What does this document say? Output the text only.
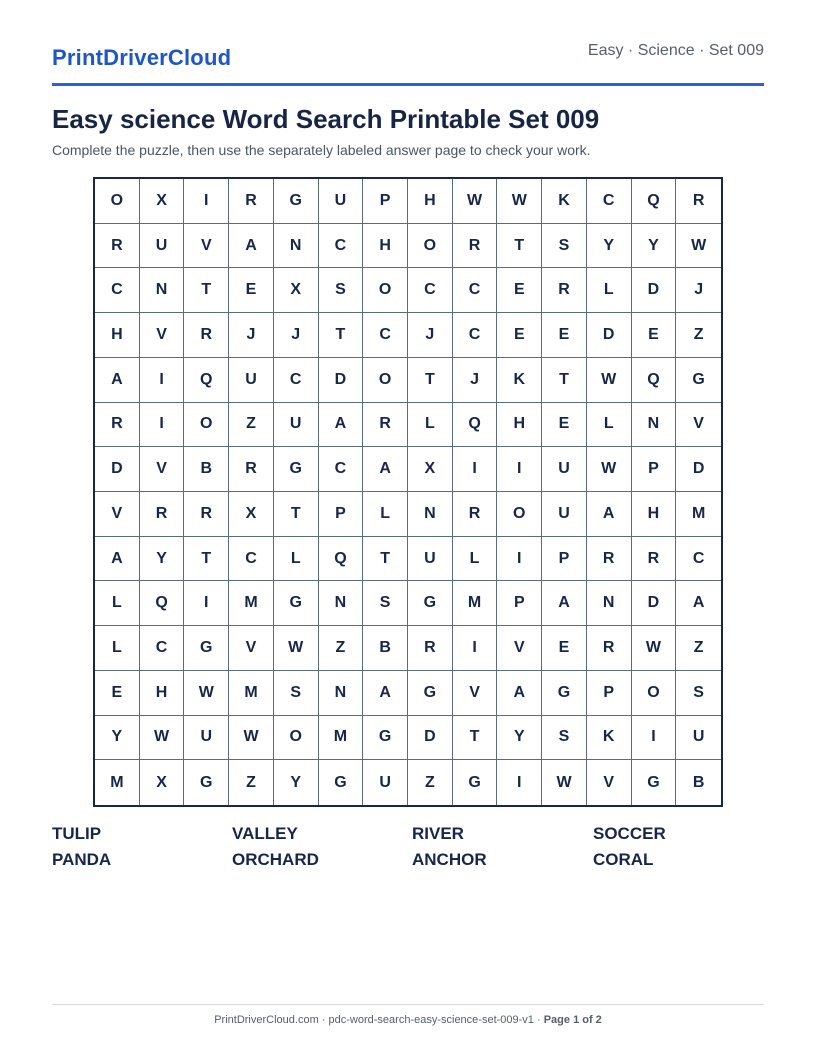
PrintDriverCloud	Easy · Science · Set 009
Easy science Word Search Printable Set 009

Complete the puzzle, then use the separately labeled answer page to check your work.

O	X	I	R	G	U	P	H	W	W	K	C	Q	R
R	U	V	A	N	C	H	O	R	T	S	Y	Y	W
C	N	T	E	X	S	O	C	C	E	R	L	D	J
H	V	R	J	J	T	C	J	C	E	E	D	E	Z
A	I	Q	U	C	D	O	T	J	K	T	W	Q	G
R	I	O	Z	U	A	R	L	Q	H	E	L	N	V
D	V	B	R	G	C	A	X	I	I	U	W	P	D
V	R	R	X	T	P	L	N	R	O	U	A	H	M
A	Y	T	C	L	Q	T	U	L	I	P	R	R	C
L	Q	I	M	G	N	S	G	M	P	A	N	D	A
L	C	G	V	W	Z	B	R	I	V	E	R	W	Z
E	H	W	M	S	N	A	G	V	A	G	P	O	S
Y	W	U	W	O	M	G	D	T	Y	S	K	I	U
M	X	G	Z	Y	G	U	Z	G	I	W	V	G	B
TULIP	VALLEY	RIVER	SOCCER
PANDA	ORCHARD	ANCHOR	CORAL
PrintDriverCloud.com · pdc-word-search-easy-science-set-009-v1 · Page 1 of 2
